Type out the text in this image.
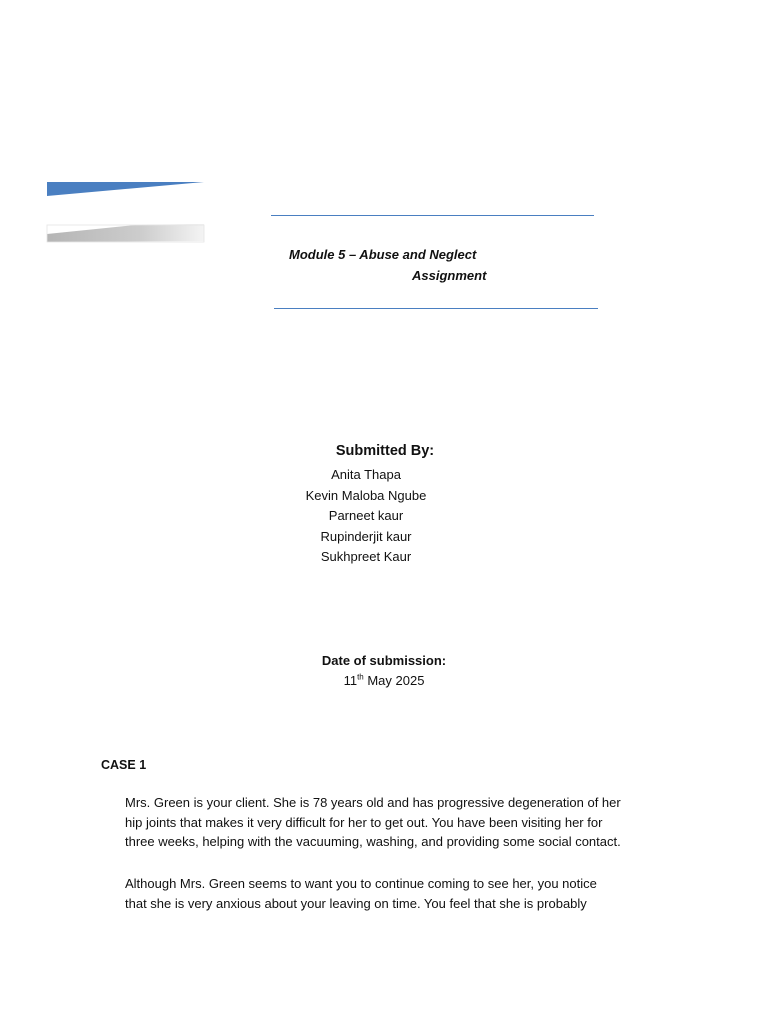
Module 5 – Abuse and Neglect
Assignment
Submitted By:
Anita Thapa
Kevin Maloba Ngube
Parneet kaur
Rupinderjit kaur
Sukhpreet Kaur
Date of submission:
11th May 2025
CASE 1

Mrs. Green is your client. She is 78 years old and has progressive degeneration of her
hip joints that makes it very difficult for her to get out. You have been visiting her for
three weeks, helping with the vacuuming, washing, and providing some social contact.

Although Mrs. Green seems to want you to continue coming to see her, you notice
that she is very anxious about your leaving on time. You feel that she is probably
